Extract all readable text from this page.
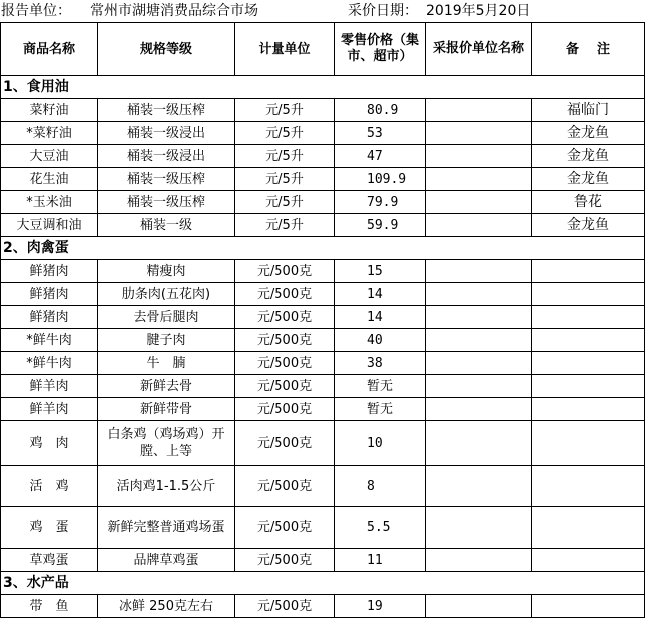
报告单位： 常州市湖塘消费品综合市场	采价日期： 2019年5月20日
商品名称	规格等级	计量单位	零售价格（集市、超市）	采报价单位名称	备    注
1、食用油					
菜籽油	桶装一级压榨	元/5升	80.9		福临门
*菜籽油	桶装一级浸出	元/5升	53		金龙鱼
大豆油	桶装一级浸出	元/5升	47		金龙鱼
花生油	桶装一级压榨	元/5升	109.9		金龙鱼
*玉米油	桶装一级压榨	元/5升	79.9		鲁花
大豆调和油	桶装一级	元/5升	59.9		金龙鱼
2、肉禽蛋					
鲜猪肉	精瘦肉	元/500克	15		
鲜猪肉	肋条肉(五花肉)	元/500克	14		
鲜猪肉	去骨后腿肉	元/500克	14		
*鲜牛肉	腱子肉	元/500克	40		
*鲜牛肉	牛　腩	元/500克	38		
鲜羊肉	新鲜去骨	元/500克	暂无		
鲜羊肉	新鲜带骨	元/500克	暂无		
鸡　肉	白条鸡（鸡场鸡）开膛、上等	元/500克	10		
活　鸡	活肉鸡1-1.5公斤	元/500克	8		
鸡　蛋	新鲜完整普通鸡场蛋	元/500克	5.5		
草鸡蛋	品牌草鸡蛋	元/500克	11		
3、水产品					
带　鱼	冰鲜 250克左右	元/500克	19		
